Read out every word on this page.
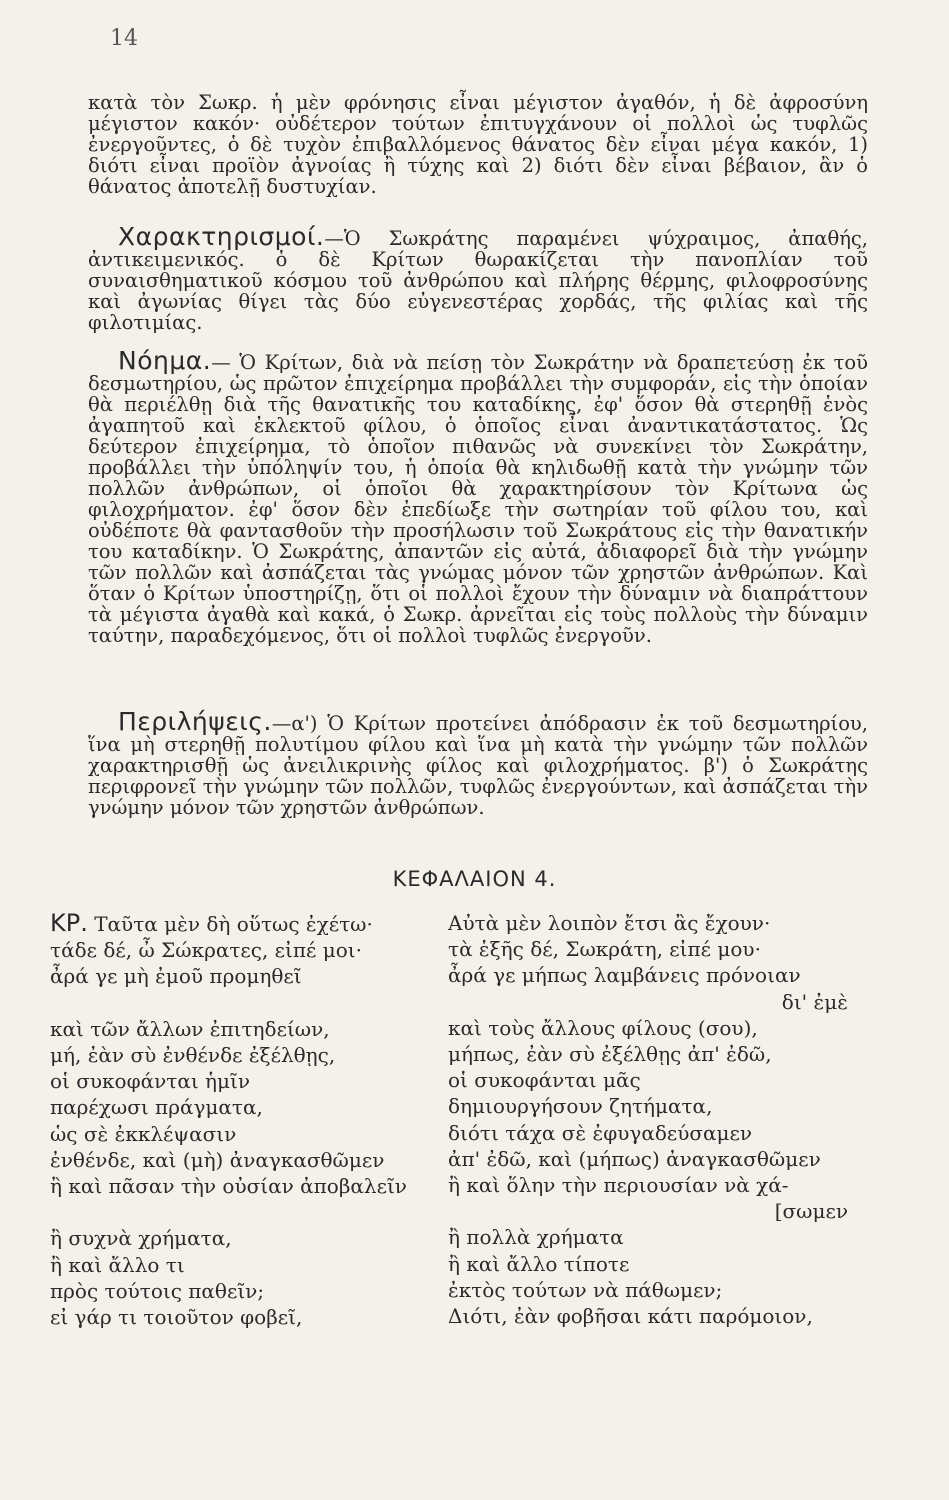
14

κατὰ τὸν Σωκρ. ἡ μὲν φρόνησις εἶναι μέγιστον ἀγαθόν, ἡ δὲ ἀφροσύνη μέγιστον κακόν· οὐδέτερον τούτων ἐπιτυγχάνουν οἱ πολλοὶ ὡς τυφλῶς ἐνεργοῦντες, ὁ δὲ τυχὸν ἐπιβαλλόμενος θάνατος δὲν εἶναι μέγα κακόν, 1) διότι εἶναι προϊὸν ἀγνοίας ἢ τύχης καὶ 2) διότι δὲν εἶναι βέβαιον, ἂν ὁ θάνατος ἀποτελῇ δυστυχίαν.

Χαρακτηρισμοί.—Ὁ Σωκράτης παραμένει ψύχραιμος, ἀπαθής, ἀντικειμενικός. ὁ δὲ Κρίτων θωρακίζεται τὴν πανοπλίαν τοῦ συναισθηματικοῦ κόσμου τοῦ ἀνθρώπου καὶ πλήρης θέρμης, φιλοφροσύνης καὶ ἀγωνίας θίγει τὰς δύο εὐγενεστέρας χορδάς, τῆς φιλίας καὶ τῆς φιλοτιμίας.

Νόημα.— Ὁ Κρίτων, διὰ νὰ πείσῃ τὸν Σωκράτην νὰ δραπετεύσῃ ἐκ τοῦ δεσμωτηρίου, ὡς πρῶτον ἐπιχείρημα προβάλλει τὴν συμφοράν, εἰς τὴν ὁποίαν θὰ περιέλθῃ διὰ τῆς θανατικῆς του καταδίκης, ἐφ' ὅσον θὰ στερηθῇ ἑνὸς ἀγαπητοῦ καὶ ἐκλεκτοῦ φίλου, ὁ ὁποῖος εἶναι ἀναντικατάστατος. Ὡς δεύτερον ἐπιχείρημα, τὸ ὁποῖον πιθανῶς νὰ συνεκίνει τὸν Σωκράτην, προβάλλει τὴν ὑπόληψίν του, ἡ ὁποία θὰ κηλιδωθῇ κατὰ τὴν γνώμην τῶν πολλῶν ἀνθρώπων, οἱ ὁποῖοι θὰ χαρακτηρίσουν τὸν Κρίτωνα ὡς φιλοχρήματον. ἐφ' ὅσον δὲν ἐπεδίωξε τὴν σωτηρίαν τοῦ φίλου του, καὶ οὐδέποτε θὰ φαντασθοῦν τὴν προσήλωσιν τοῦ Σωκράτους εἰς τὴν θανατικήν του καταδίκην. Ὁ Σωκράτης, ἀπαντῶν εἰς αὐτά, ἀδιαφορεῖ διὰ τὴν γνώμην τῶν πολλῶν καὶ ἀσπάζεται τὰς γνώμας μόνον τῶν χρηστῶν ἀνθρώπων. Καὶ ὅταν ὁ Κρίτων ὑποστηρίζῃ, ὅτι οἱ πολλοὶ ἔχουν τὴν δύναμιν νὰ διαπράττουν τὰ μέγιστα ἀγαθὰ καὶ κακά, ὁ Σωκρ. ἀρνεῖται εἰς τοὺς πολλοὺς τὴν δύναμιν ταύτην, παραδεχόμενος, ὅτι οἱ πολλοὶ τυφλῶς ἐνεργοῦν.

Περιλήψεις.—α') Ὁ Κρίτων προτείνει ἀπόδρασιν ἐκ τοῦ δεσμωτηρίου, ἵνα μὴ στερηθῇ πολυτίμου φίλου καὶ ἵνα μὴ κατὰ τὴν γνώμην τῶν πολλῶν χαρακτηρισθῇ ὡς ἀνειλικρινὴς φίλος καὶ φιλοχρήματος. β') ὁ Σωκράτης περιφρονεῖ τὴν γνώμην τῶν πολλῶν, τυφλῶς ἐνεργούντων, καὶ ἀσπάζεται τὴν γνώμην μόνον τῶν χρηστῶν ἀνθρώπων.

ΚΕΦΑΛΑΙΟΝ 4.
ΚΡ. Ταῦτα μὲν δὴ οὕτως ἐχέτω·
τάδε δέ, ὦ Σώκρατες, εἰπέ μοι·
ἆρά γε μὴ ἐμοῦ προμηθεῖ

καὶ τῶν ἄλλων ἐπιτηδείων,
μή, ἐὰν σὺ ἐνθένδε ἐξέλθῃς,
οἱ συκοφάνται ἡμῖν
παρέχωσι πράγματα,
ὡς σὲ ἐκκλέψασιν
ἐνθένδε, καὶ (μὴ) ἀναγκασθῶμεν
ἢ καὶ πᾶσαν τὴν οὐσίαν ἀποβαλεῖν

ἢ συχνὰ χρήματα,
ἢ καὶ ἄλλο τι
πρὸς τούτοις παθεῖν;
εἰ γάρ τι τοιοῦτον φοβεῖ,
Αὐτὰ μὲν λοιπὸν ἔτσι ἂς ἔχουν·
τὰ ἑξῆς δέ, Σωκράτη, εἰπέ μου·
ἆρά γε μήπως λαμβάνεις πρόνοιαν
δι' ἐμὲ
καὶ τοὺς ἄλλους φίλους (σου),
μήπως, ἐὰν σὺ ἐξέλθῃς ἀπ' ἐδῶ,
οἱ συκοφάνται μᾶς
δημιουργήσουν ζητήματα,
διότι τάχα σὲ ἐφυγαδεύσαμεν
ἀπ' ἐδῶ, καὶ (μήπως) ἀναγκασθῶμεν
ἢ καὶ ὅλην τὴν περιουσίαν νὰ χά-
[σωμεν
ἢ πολλὰ χρήματα
ἢ καὶ ἄλλο τίποτε
ἐκτὸς τούτων νὰ πάθωμεν;
Διότι, ἐὰν φοβῆσαι κάτι παρόμοιον,
